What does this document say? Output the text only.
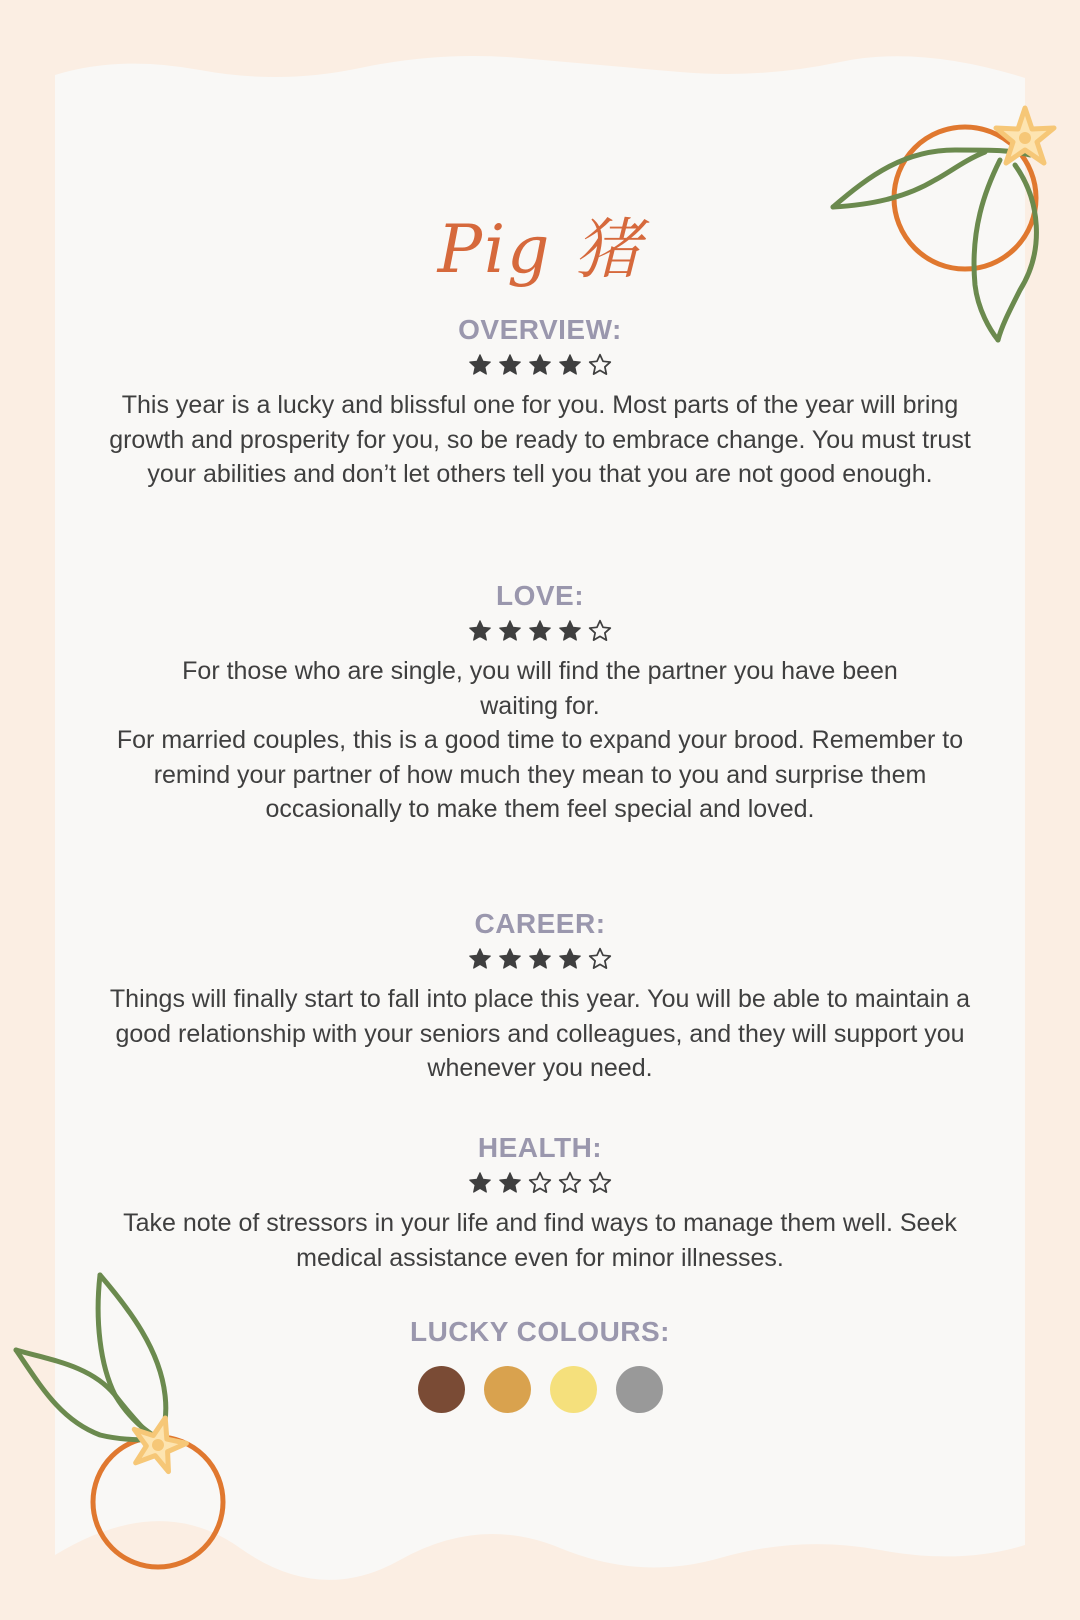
Pig 猪
OVERVIEW:

This year is a lucky and blissful one for you. Most parts of the year will bring growth and prosperity for you, so be ready to embrace change. You must trust your abilities and don’t let others tell you that you are not good enough.

LOVE:

For those who are single, you will find the partner you have been waiting for.

For married couples, this is a good time to expand your brood. Remember to remind your partner of how much they mean to you and surprise them occasionally to make them feel special and loved.

CAREER:

Things will finally start to fall into place this year. You will be able to maintain a good relationship with your seniors and colleagues, and they will support you whenever you need.

HEALTH:

Take note of stressors in your life and find ways to manage them well. Seek medical assistance even for minor illnesses.

LUCKY COLOURS:
